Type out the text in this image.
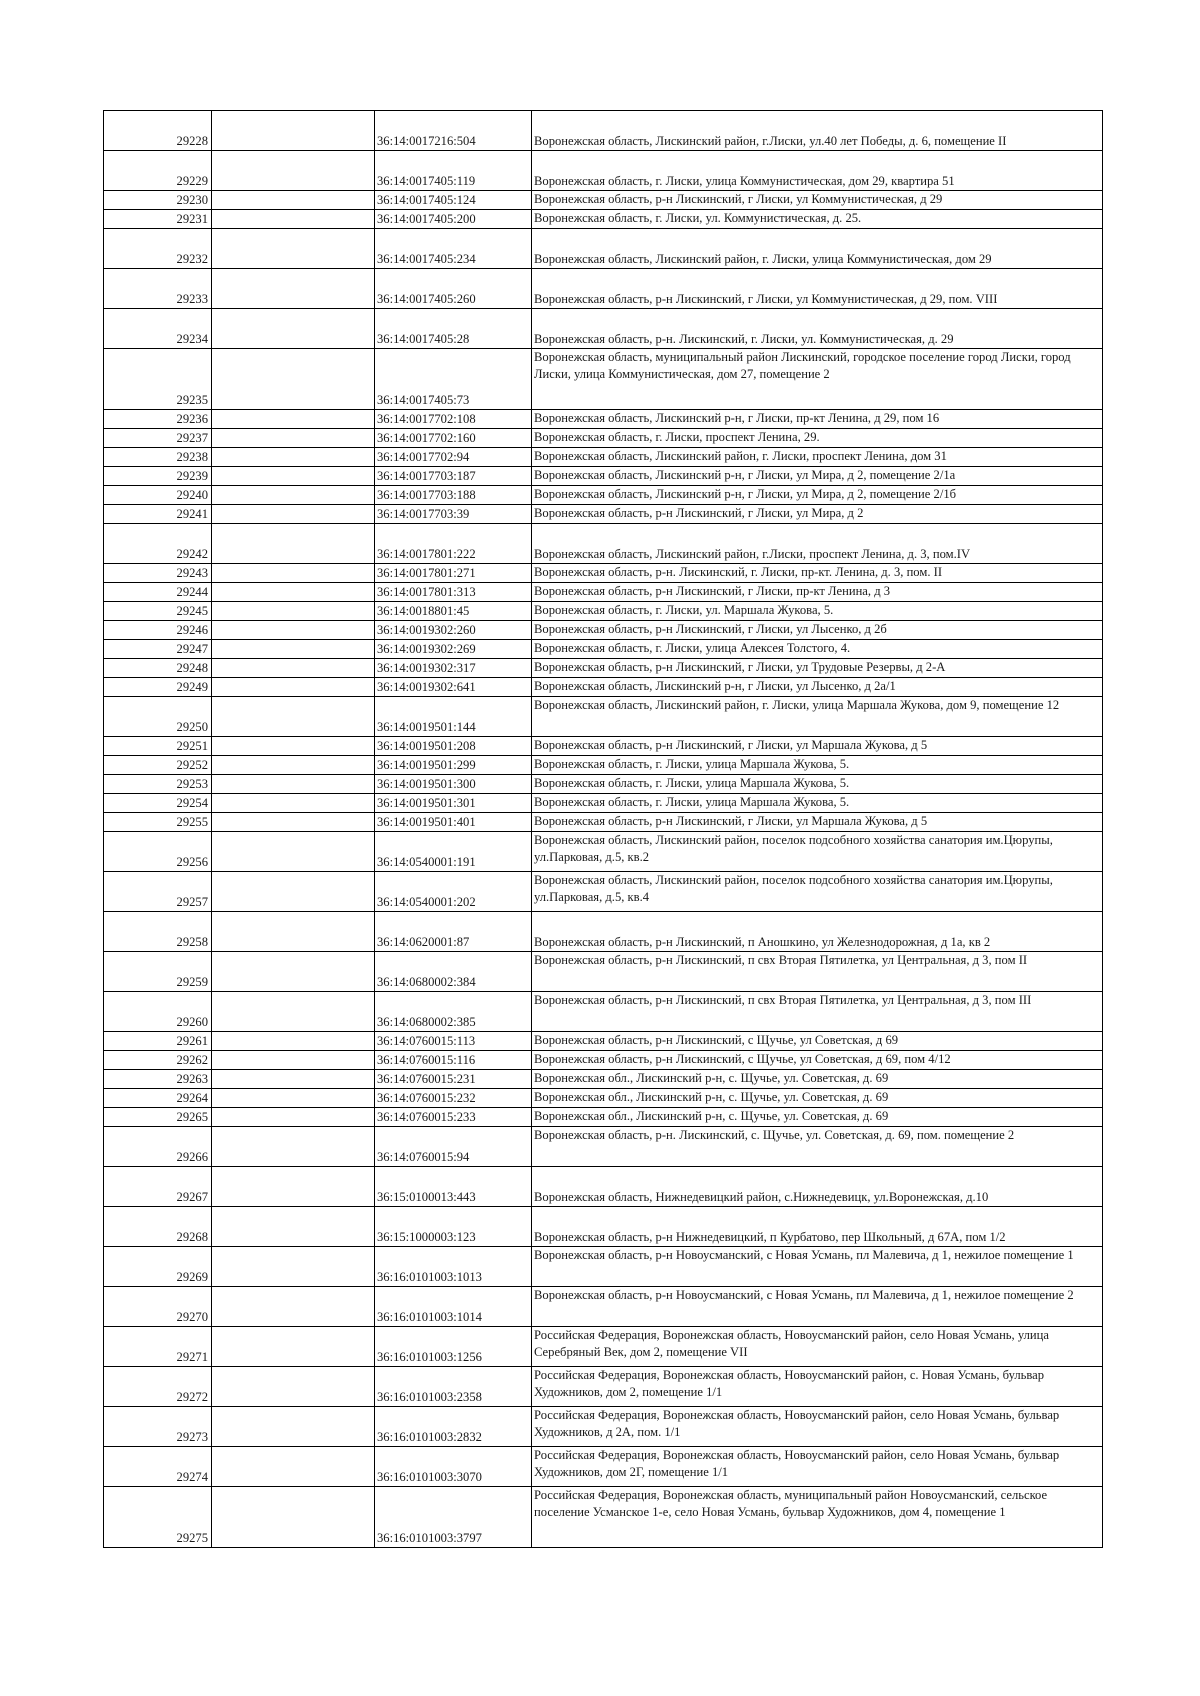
29228		36:14:0017216:504	Воронежская область, Лискинский район, г.Лиски, ул.40 лет Победы, д. 6, помещение II
29229		36:14:0017405:119	Воронежская область, г. Лиски, улица Коммунистическая, дом 29, квартира 51
29230		36:14:0017405:124	Воронежская область, р-н Лискинский, г Лиски, ул Коммунистическая, д 29
29231		36:14:0017405:200	Воронежская область, г. Лиски, ул. Коммунистическая, д. 25.
29232		36:14:0017405:234	Воронежская область, Лискинский район, г. Лиски, улица Коммунистическая, дом 29
29233		36:14:0017405:260	Воронежская область, р-н Лискинский, г Лиски, ул Коммунистическая, д 29, пом. VIII
29234		36:14:0017405:28	Воронежская область, р-н. Лискинский, г. Лиски, ул. Коммунистическая, д. 29
29235		36:14:0017405:73	Воронежская область, муниципальный район Лискинский, городское поселение город Лиски, город Лиски, улица Коммунистическая, дом 27, помещение 2
29236		36:14:0017702:108	Воронежская область, Лискинский р-н, г Лиски, пр-кт Ленина, д 29, пом 16
29237		36:14:0017702:160	Воронежская область, г. Лиски, проспект Ленина, 29.
29238		36:14:0017702:94	Воронежская область, Лискинский район, г. Лиски, проспект Ленина, дом 31
29239		36:14:0017703:187	Воронежская область, Лискинский р-н, г Лиски, ул Мира, д 2, помещение 2/1а
29240		36:14:0017703:188	Воронежская область, Лискинский р-н, г Лиски, ул Мира, д 2, помещение 2/1б
29241		36:14:0017703:39	Воронежская область, р-н Лискинский, г Лиски, ул Мира, д 2
29242		36:14:0017801:222	Воронежская область, Лискинский район, г.Лиски, проспект Ленина, д. 3, пом.IV
29243		36:14:0017801:271	Воронежская область, р-н. Лискинский, г. Лиски, пр-кт. Ленина, д. 3, пом. II
29244		36:14:0017801:313	Воронежская область, р-н Лискинский, г Лиски, пр-кт Ленина, д 3
29245		36:14:0018801:45	Воронежская область, г. Лиски, ул. Маршала Жукова, 5.
29246		36:14:0019302:260	Воронежская область, р-н Лискинский, г Лиски, ул Лысенко, д 2б
29247		36:14:0019302:269	Воронежская область, г. Лиски, улица Алексея Толстого, 4.
29248		36:14:0019302:317	Воронежская область, р-н Лискинский, г Лиски, ул Трудовые Резервы, д 2-А
29249		36:14:0019302:641	Воронежская область, Лискинский р-н, г Лиски, ул Лысенко, д 2а/1
29250		36:14:0019501:144	Воронежская область, Лискинский район, г. Лиски, улица Маршала Жукова, дом 9, помещение 12
29251		36:14:0019501:208	Воронежская область, р-н Лискинский, г Лиски, ул Маршала Жукова, д 5
29252		36:14:0019501:299	Воронежская область, г. Лиски, улица Маршала Жукова, 5.
29253		36:14:0019501:300	Воронежская область, г. Лиски, улица Маршала Жукова, 5.
29254		36:14:0019501:301	Воронежская область, г. Лиски, улица Маршала Жукова, 5.
29255		36:14:0019501:401	Воронежская область, р-н Лискинский, г Лиски, ул Маршала Жукова, д 5
29256		36:14:0540001:191	Воронежская область, Лискинский район, поселок подсобного хозяйства санатория им.Цюрупы, ул.Парковая, д.5, кв.2
29257		36:14:0540001:202	Воронежская область, Лискинский район, поселок подсобного хозяйства санатория им.Цюрупы, ул.Парковая, д.5, кв.4
29258		36:14:0620001:87	Воронежская область, р-н Лискинский, п Аношкино, ул Железнодорожная, д 1а, кв 2
29259		36:14:0680002:384	Воронежская область, р-н Лискинский, п свх Вторая Пятилетка, ул Центральная, д 3, пом II
29260		36:14:0680002:385	Воронежская область, р-н Лискинский, п свх Вторая Пятилетка, ул Центральная, д 3, пом III
29261		36:14:0760015:113	Воронежская область, р-н Лискинский, с Щучье, ул Советская, д 69
29262		36:14:0760015:116	Воронежская область, р-н Лискинский, с Щучье, ул Советская, д 69, пом 4/12
29263		36:14:0760015:231	Воронежская обл., Лискинский р-н, с. Щучье, ул. Советская, д. 69
29264		36:14:0760015:232	Воронежская обл., Лискинский р-н, с. Щучье, ул. Советская, д. 69
29265		36:14:0760015:233	Воронежская обл., Лискинский р-н, с. Щучье, ул. Советская, д. 69
29266		36:14:0760015:94	Воронежская область, р-н. Лискинский, с. Щучье, ул. Советская, д. 69, пом. помещение 2
29267		36:15:0100013:443	Воронежская область, Нижнедевицкий район, с.Нижнедевицк, ул.Воронежская, д.10
29268		36:15:1000003:123	Воронежская область, р-н Нижнедевицкий, п Курбатово, пер Школьный, д 67А, пом 1/2
29269		36:16:0101003:1013	Воронежская область, р-н Новоусманский, с Новая Усмань, пл Малевича, д 1, нежилое помещение 1
29270		36:16:0101003:1014	Воронежская область, р-н Новоусманский, с Новая Усмань, пл Малевича, д 1, нежилое помещение 2
29271		36:16:0101003:1256	Российская Федерация, Воронежская область, Новоусманский район, село Новая Усмань, улица Серебряный Век, дом 2, помещение VII
29272		36:16:0101003:2358	Российская Федерация, Воронежская область, Новоусманский район, с. Новая Усмань, бульвар Художников, дом 2, помещение 1/1
29273		36:16:0101003:2832	Российская Федерация, Воронежская область, Новоусманский район, село Новая Усмань, бульвар Художников, д 2А, пом. 1/1
29274		36:16:0101003:3070	Российская Федерация, Воронежская область, Новоусманский район, село Новая Усмань, бульвар Художников, дом 2Г, помещение 1/1
29275		36:16:0101003:3797	Российская Федерация, Воронежская область, муниципальный район Новоусманский, сельское поселение Усманское 1-е, село Новая Усмань, бульвар Художников, дом 4, помещение 1
